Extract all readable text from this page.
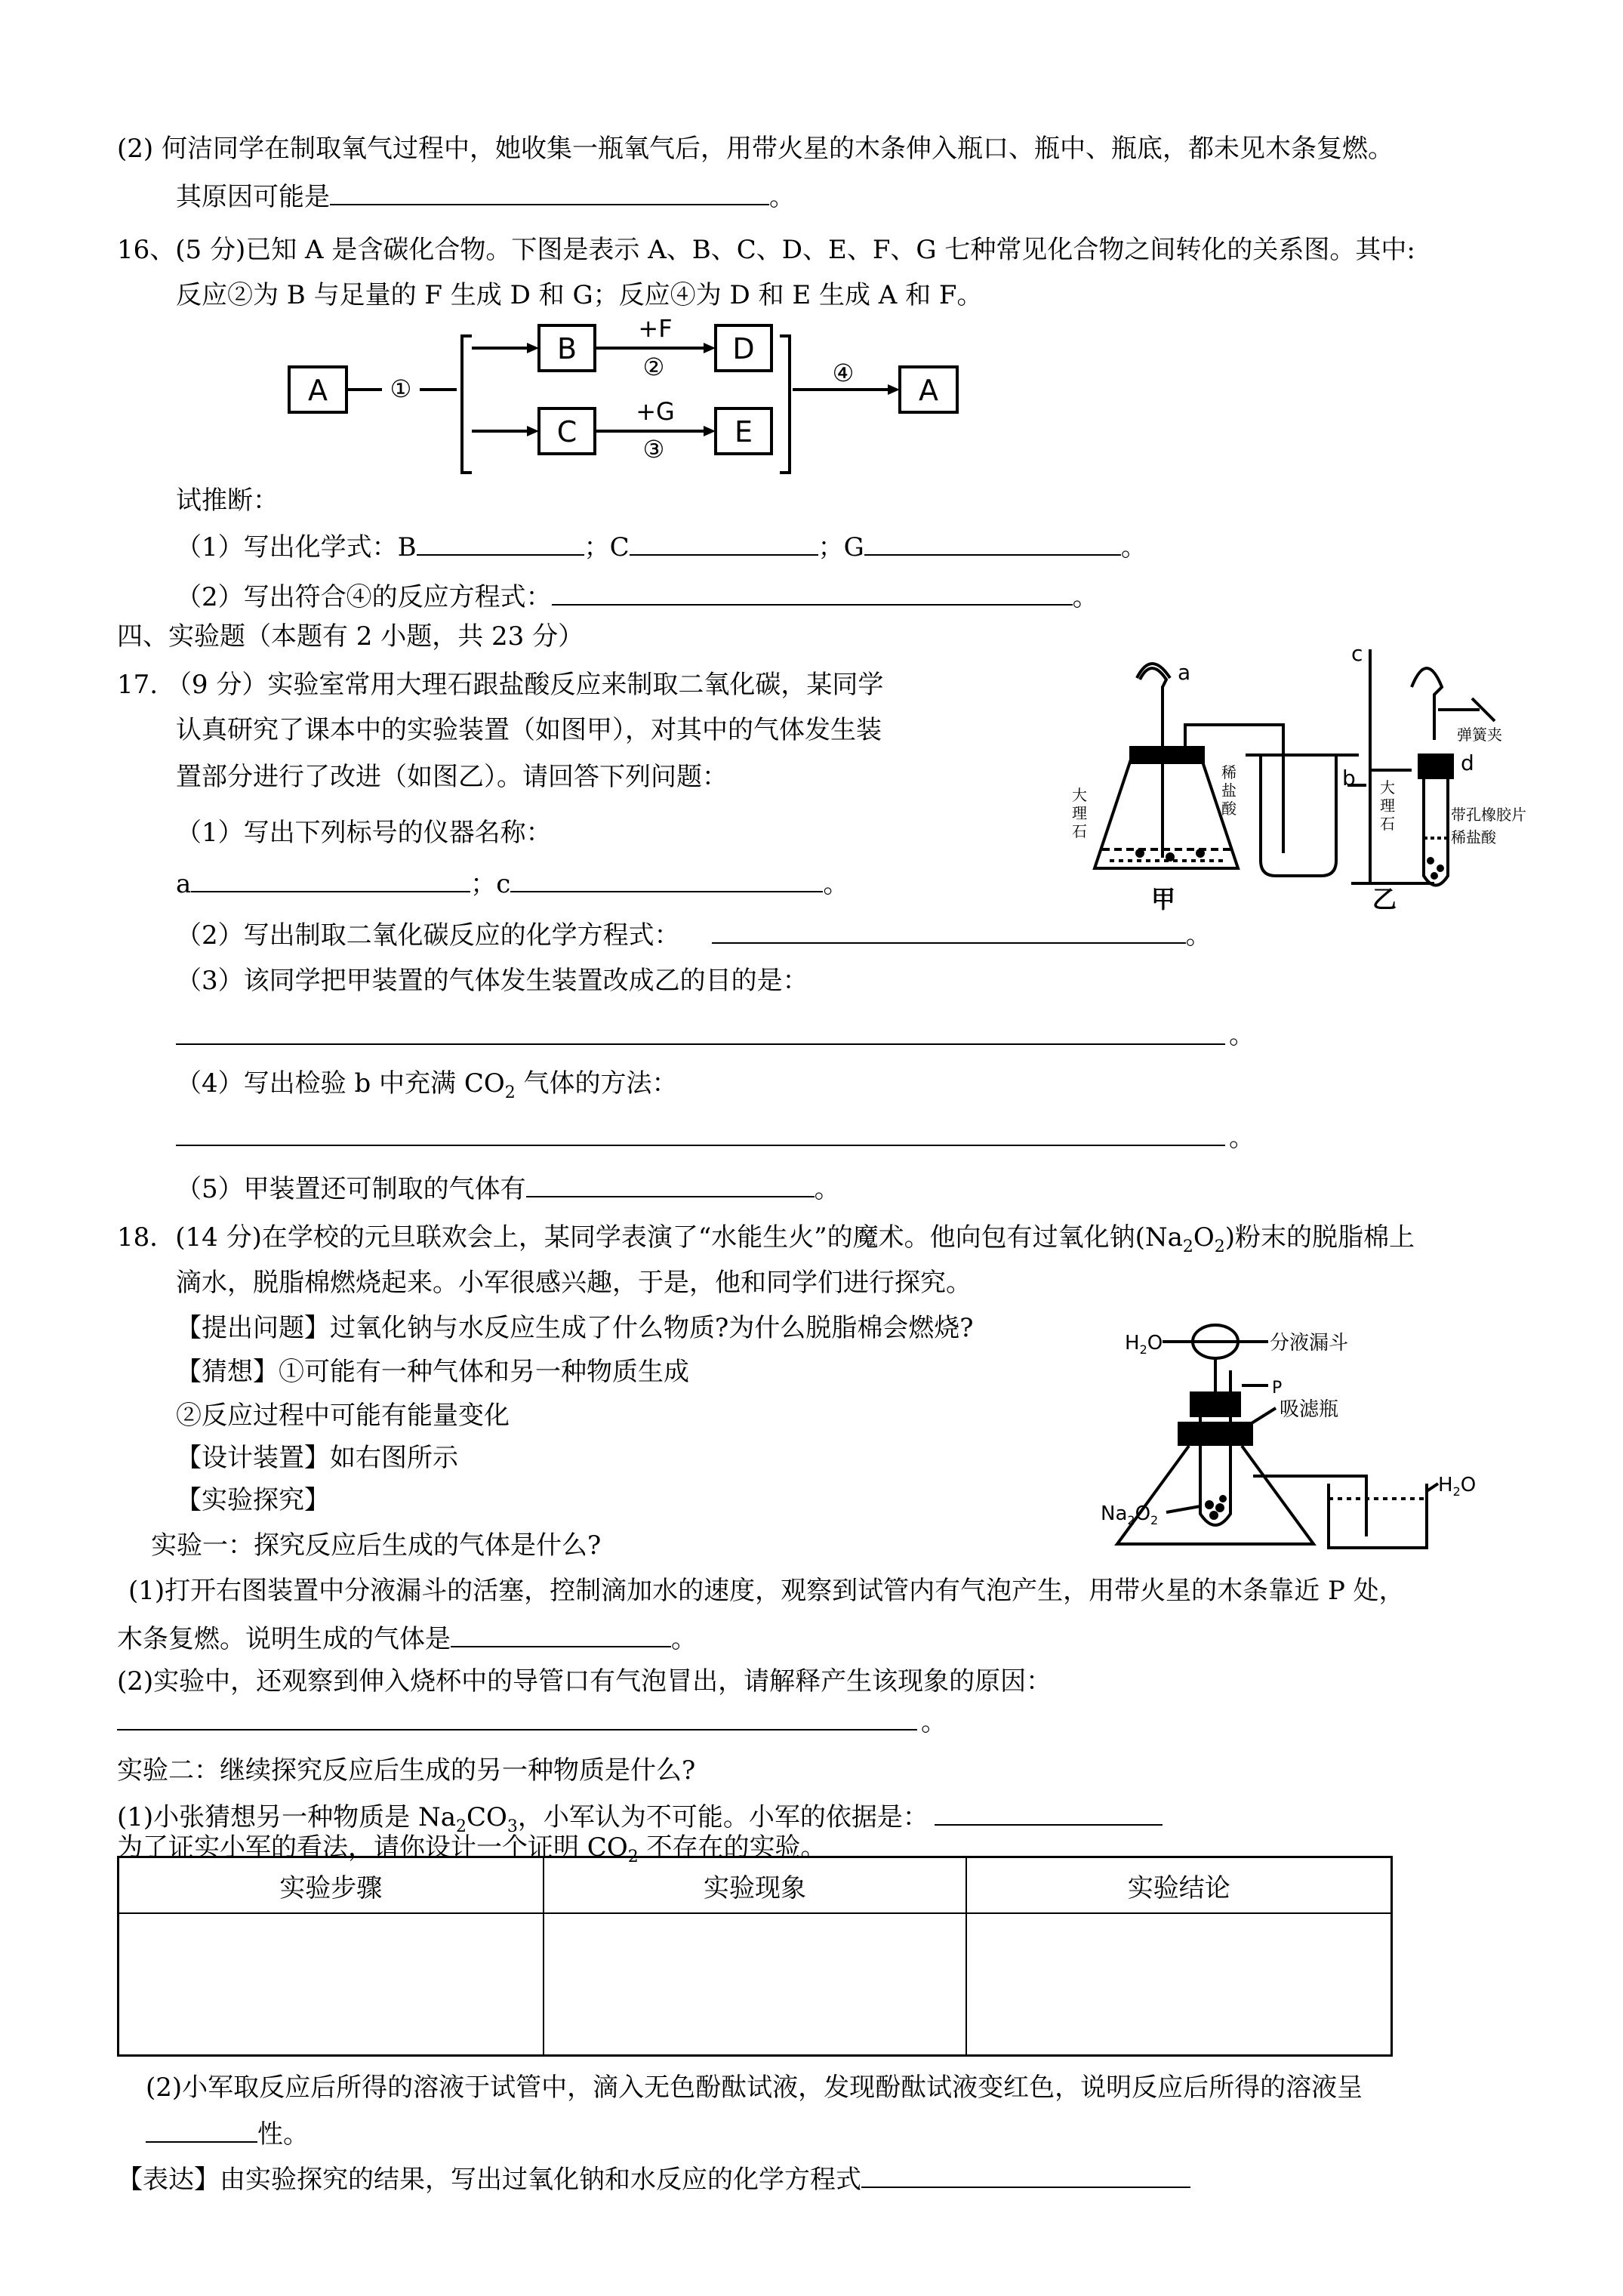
(2) 何洁同学在制取氧气过程中，她收集一瓶氧气后，用带火星的木条伸入瓶口、瓶中、瓶底，都未见木条复燃。
其原因可能是	。
16、(5 分)已知 A 是含碳化合物。下图是表示 A、B、C、D、E、F、G 七种常见化合物之间转化的关系图。其中:
反应②为 B 与足量的 F 生成 D 和 G；反应④为 D 和 E 生成 A 和 F。
A
B	D
C	E
A
①
②
③
④
+F
+G
试推断：
（1）写出化学式：B	；C	；G	。
（2）写出符合④的反应方程式：	。
四、实验题（本题有 2 小题，共 23 分）
17. （9 分）实验室常用大理石跟盐酸反应来制取二氧化碳，某同学
认真研究了课本中的实验装置（如图甲），对其中的气体发生装
置部分进行了改进（如图乙）。请回答下列问题：
（1）写出下列标号的仪器名称：
a	；c	。
（2）写出制取二氧化碳反应的化学方程式：	。
（3）该同学把甲装置的气体发生装置改成乙的目的是：
。
（4）写出检验 b 中充满 $CO_2$ 气体的方法：
。
（5）甲装置还可制取的气体有	。
a
b
c
d
大
理
石
稀
盐
酸
弹簧夹
大
理
石	带孔橡胶片
稀盐酸
甲	乙
18．(14 分)在学校的元旦联欢会上，某同学表演了“水能生火”的魔术。他向包有过氧化钠$(Na_2O_2)$粉末的脱脂棉上
滴水，脱脂棉燃烧起来。小军很感兴趣，于是，他和同学们进行探究。
【提出问题】过氧化钠与水反应生成了什么物质?为什么脱脂棉会燃烧?
【猜想】①可能有一种气体和另一种物质生成
②反应过程中可能有能量变化
【设计装置】如右图所示
【实验探究】
实验一：探究反应后生成的气体是什么?
(1)打开右图装置中分液漏斗的活塞，控制滴加水的速度，观察到试管内有气泡产生，用带火星的木条靠近 P 处，
木条复燃。说明生成的气体是	。
(2)实验中，还观察到伸入烧杯中的导管口有气泡冒出，请解释产生该现象的原因：
。
实验二：继续探究反应后生成的另一种物质是什么?
(1)小张猜想另一种物质是 $Na_2CO_3$，小军认为不可能。小军的依据是：
为了证实小军的看法，请你设计一个证明 $CO_2$ 不存在的实验。
实验步骤	实验现象	实验结论

(2)小军取反应后所得的溶液于试管中，滴入无色酚酞试液，发现酚酞试液变红色，说明反应后所得的溶液呈
性。
【表达】由实验探究的结果，写出过氧化钠和水反应的化学方程式
$H_2O$	分液漏斗
P
吸滤瓶
$Na_2O_2$
$H_2O$
